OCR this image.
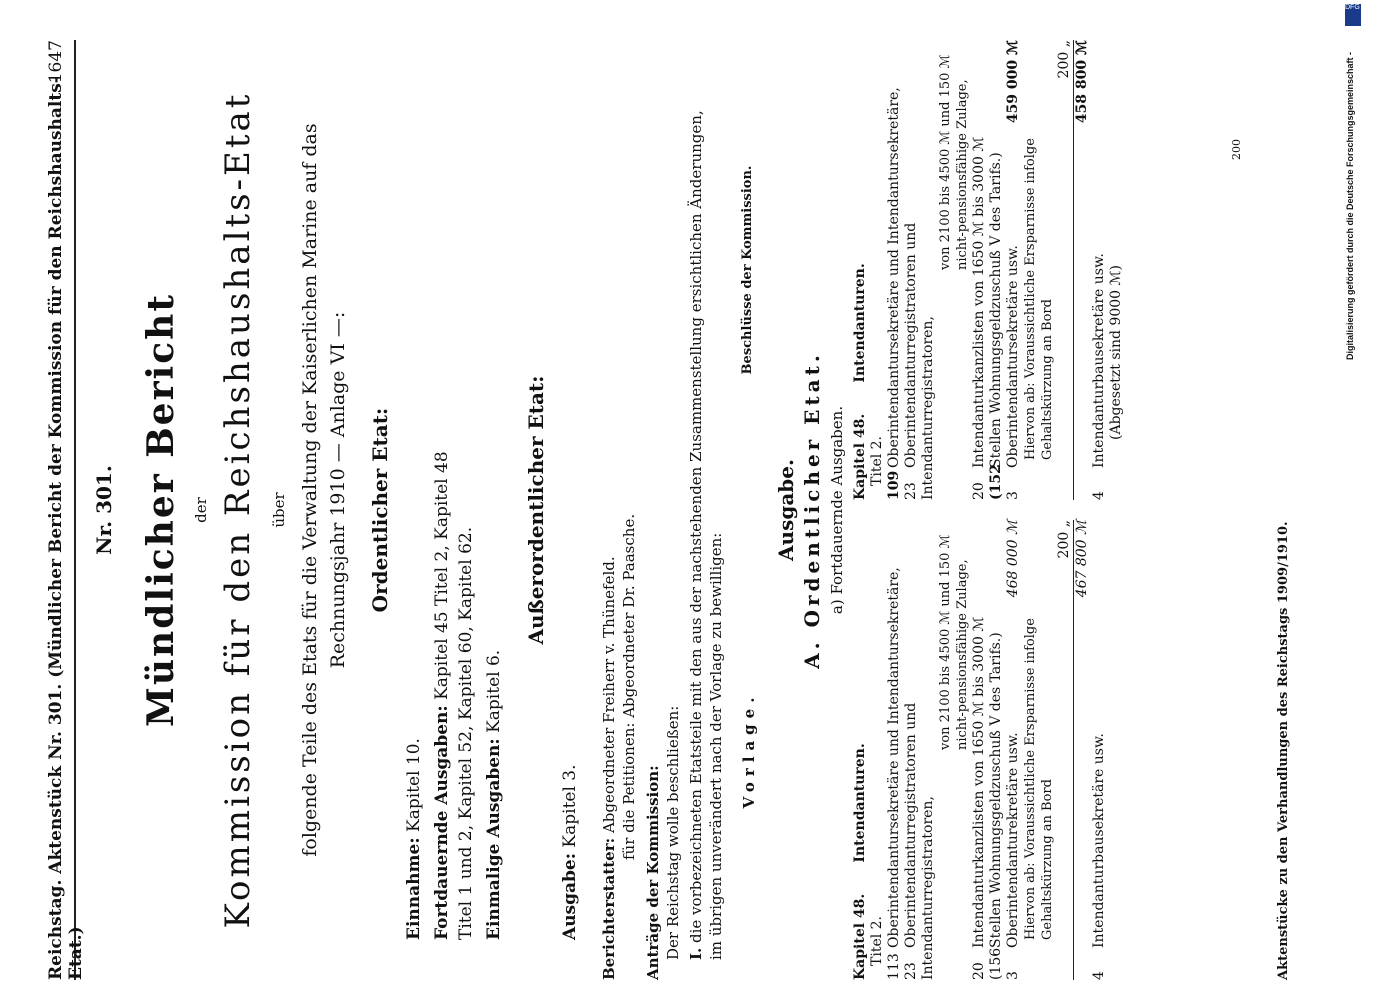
Reichstag. Aktenstück Nr. 301. (Mündlicher Bericht der Kommission für den Reichshaushalts-Etat.)
1647
Nr. 301. Mündlicher Bericht der Kommission für den Reichshaushalts-Etat über folgende Teile des Etats für die Verwaltung der Kaiserlichen Marine auf das Rechnungsjahr 1910 — Anlage VI —: Ordentlicher Etat:
Einnahme: Kapitel 10. Fortdauernde Ausgaben: Kapitel 45 Titel 2, Kapitel 48 Titel 1 und 2, Kapitel 52, Kapitel 60, Kapitel 62. Einmalige Ausgaben: Kapitel 6.
Außerordentlicher Etat:
Ausgabe: Kapitel 3.
Berichterstatter: Abgeordneter Freiherr v. Thünefeld. für die Petitionen: Abgeordneter Dr. Paasche.
Anträge der Kommission: Der Reichstag wolle beschließen: I. die vorbezeichneten Etatsteile mit den aus der nachstehenden Zusammenstellung ersichtlichen Änderungen, im übrigen unverändert nach der Vorlage zu bewilligen: Vorlage.
Beschlüsse der Kommission.
Ausgabe. A. Ordentlicher Etat. a) Fortdauernde Ausgaben.
Kapitel 48.       Intendanturen.
Titel 2.
113Oberintendantursekretäre und Intendantursekretäre,
23Oberintendanturregistratoren und Intendanturregistratoren,
von 2100 bis 4500 ℳ und 150 ℳ nicht-pensionsfähige Zulage,
20Intendanturkanzlisten von 1650 ℳ bis 3000 ℳ
(156Stellen Wohnungsgeldzuschuß V des Tarifs.)
3Oberintendanturekretäre usw.
468 000 ℳ
Hiervon ab: Voraussichtliche Ersparnisse infolge Gehaltskürzung an Bord
200 „ 467 800 ℳ
4Intendanturbausekretäre usw.
Kapitel 48.       Intendanturen.
Titel 2. 109Oberintendantursekretäre und Intendantursekretäre,
23Oberintendanturregistratoren und Intendanturregistratoren,
von 2100 bis 4500 ℳ und 150 ℳ nicht-pensionsfähige Zulage,
20Intendanturkanzlisten von 1650 ℳ bis 3000 ℳ
(152Stellen Wohnungsgeldzuschuß V des Tarifs.)
3Oberintendantursekretäre usw.
459 000 ℳ
Hiervon ab: Voraussichtliche Ersparnisse infolge Gehaltskürzung an Bord
200 „ 458 800 ℳ
4Intendanturbausekretäre usw. (Abgesetzt sind 9000 ℳ)
200
Aktenstücke zu den Verhandlungen des Reichstags 1909/1910.
Digitalisierung gefördert durch die Deutsche Forschungsgemeinschaft -
DFG
